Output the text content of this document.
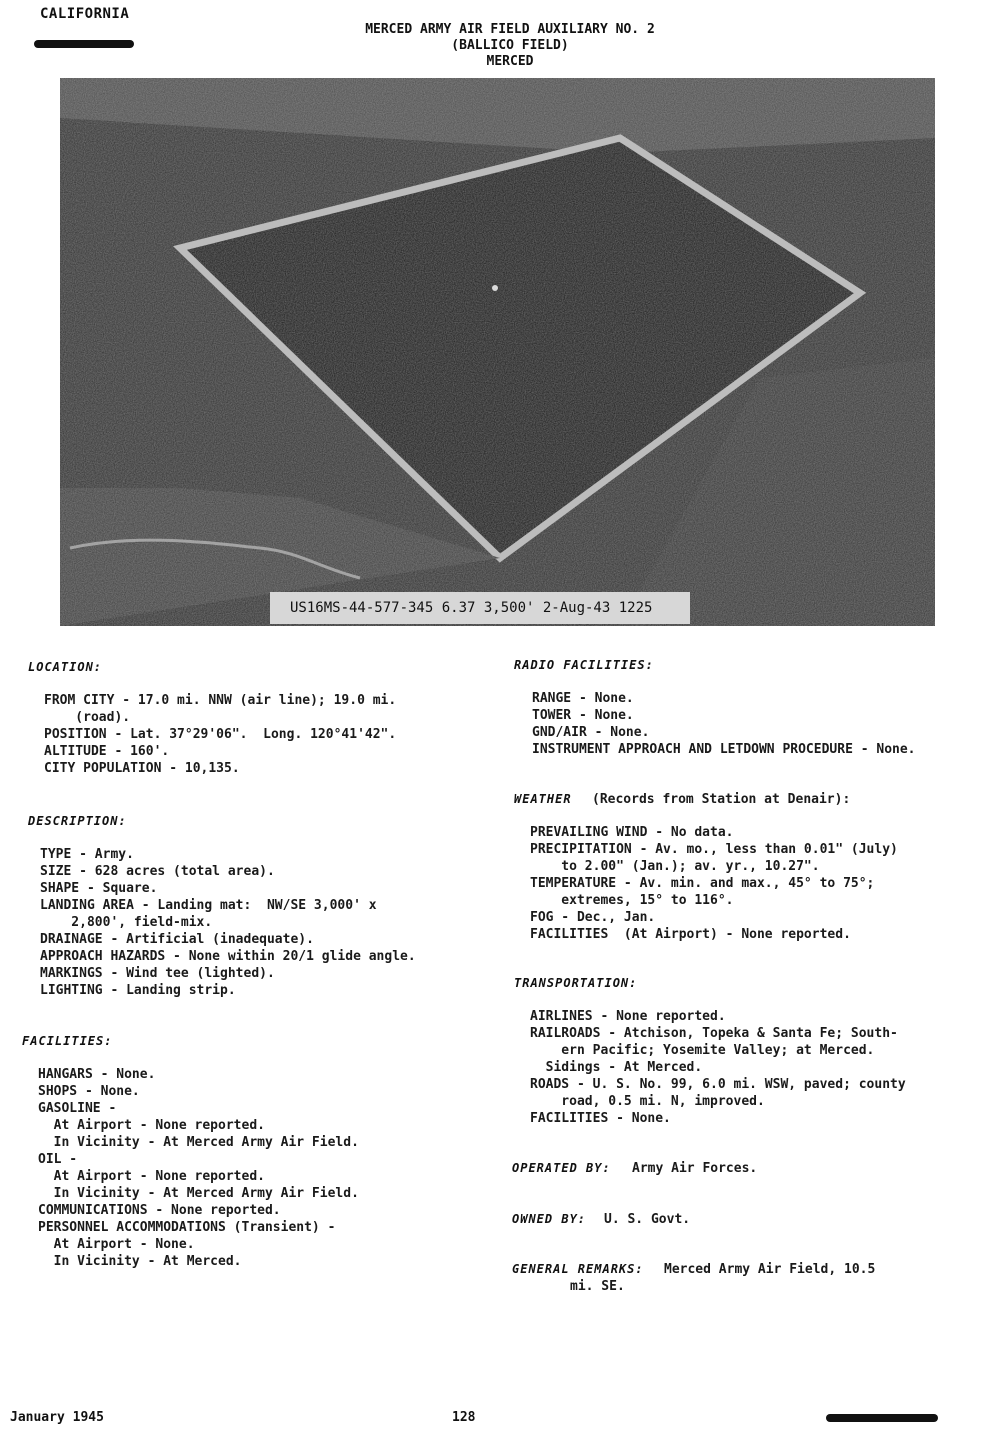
CALIFORNIA
MERCED ARMY AIR FIELD AUXILIARY NO. 2
(BALLICO FIELD)
MERCED
US16MS-44-577-345 6.37 3,500' 2-Aug-43 1225
LOCATION:
FROM CITY - 17.0 mi. NNW (air line); 19.0 mi.
(road).
POSITION - Lat. 37°29'06".  Long. 120°41'42".
ALTITUDE - 160'.
CITY POPULATION - 10,135.
DESCRIPTION:
TYPE - Army.
SIZE - 628 acres (total area).
SHAPE - Square.
LANDING AREA - Landing mat:  NW/SE 3,000' x
2,800', field-mix.
DRAINAGE - Artificial (inadequate).
APPROACH HAZARDS - None within 20/1 glide angle.
MARKINGS - Wind tee (lighted).
LIGHTING - Landing strip.
FACILITIES:
HANGARS - None.
SHOPS - None.
GASOLINE -
At Airport - None reported.
In Vicinity - At Merced Army Air Field.
OIL -
At Airport - None reported.
In Vicinity - At Merced Army Air Field.
COMMUNICATIONS - None reported.
PERSONNEL ACCOMMODATIONS (Transient) -
At Airport - None.
In Vicinity - At Merced.
RADIO FACILITIES:
RANGE - None.
TOWER - None.
GND/AIR - None.
INSTRUMENT APPROACH AND LETDOWN PROCEDURE - None.
WEATHER (Records from Station at Denair):
PREVAILING WIND - No data.
PRECIPITATION - Av. mo., less than 0.01" (July)
to 2.00" (Jan.); av. yr., 10.27".
TEMPERATURE - Av. min. and max., 45° to 75°;
extremes, 15° to 116°.
FOG - Dec., Jan.
FACILITIES  (At Airport) - None reported.
TRANSPORTATION:
AIRLINES - None reported.
RAILROADS - Atchison, Topeka & Santa Fe; South-
ern Pacific; Yosemite Valley; at Merced.
Sidings - At Merced.
ROADS - U. S. No. 99, 6.0 mi. WSW, paved; county
road, 0.5 mi. N, improved.
FACILITIES - None.
OPERATED BY: Army Air Forces.
OWNED BY: U. S. Govt.
GENERAL REMARKS: Merced Army Air Field, 10.5
mi. SE.
January 1945	128
